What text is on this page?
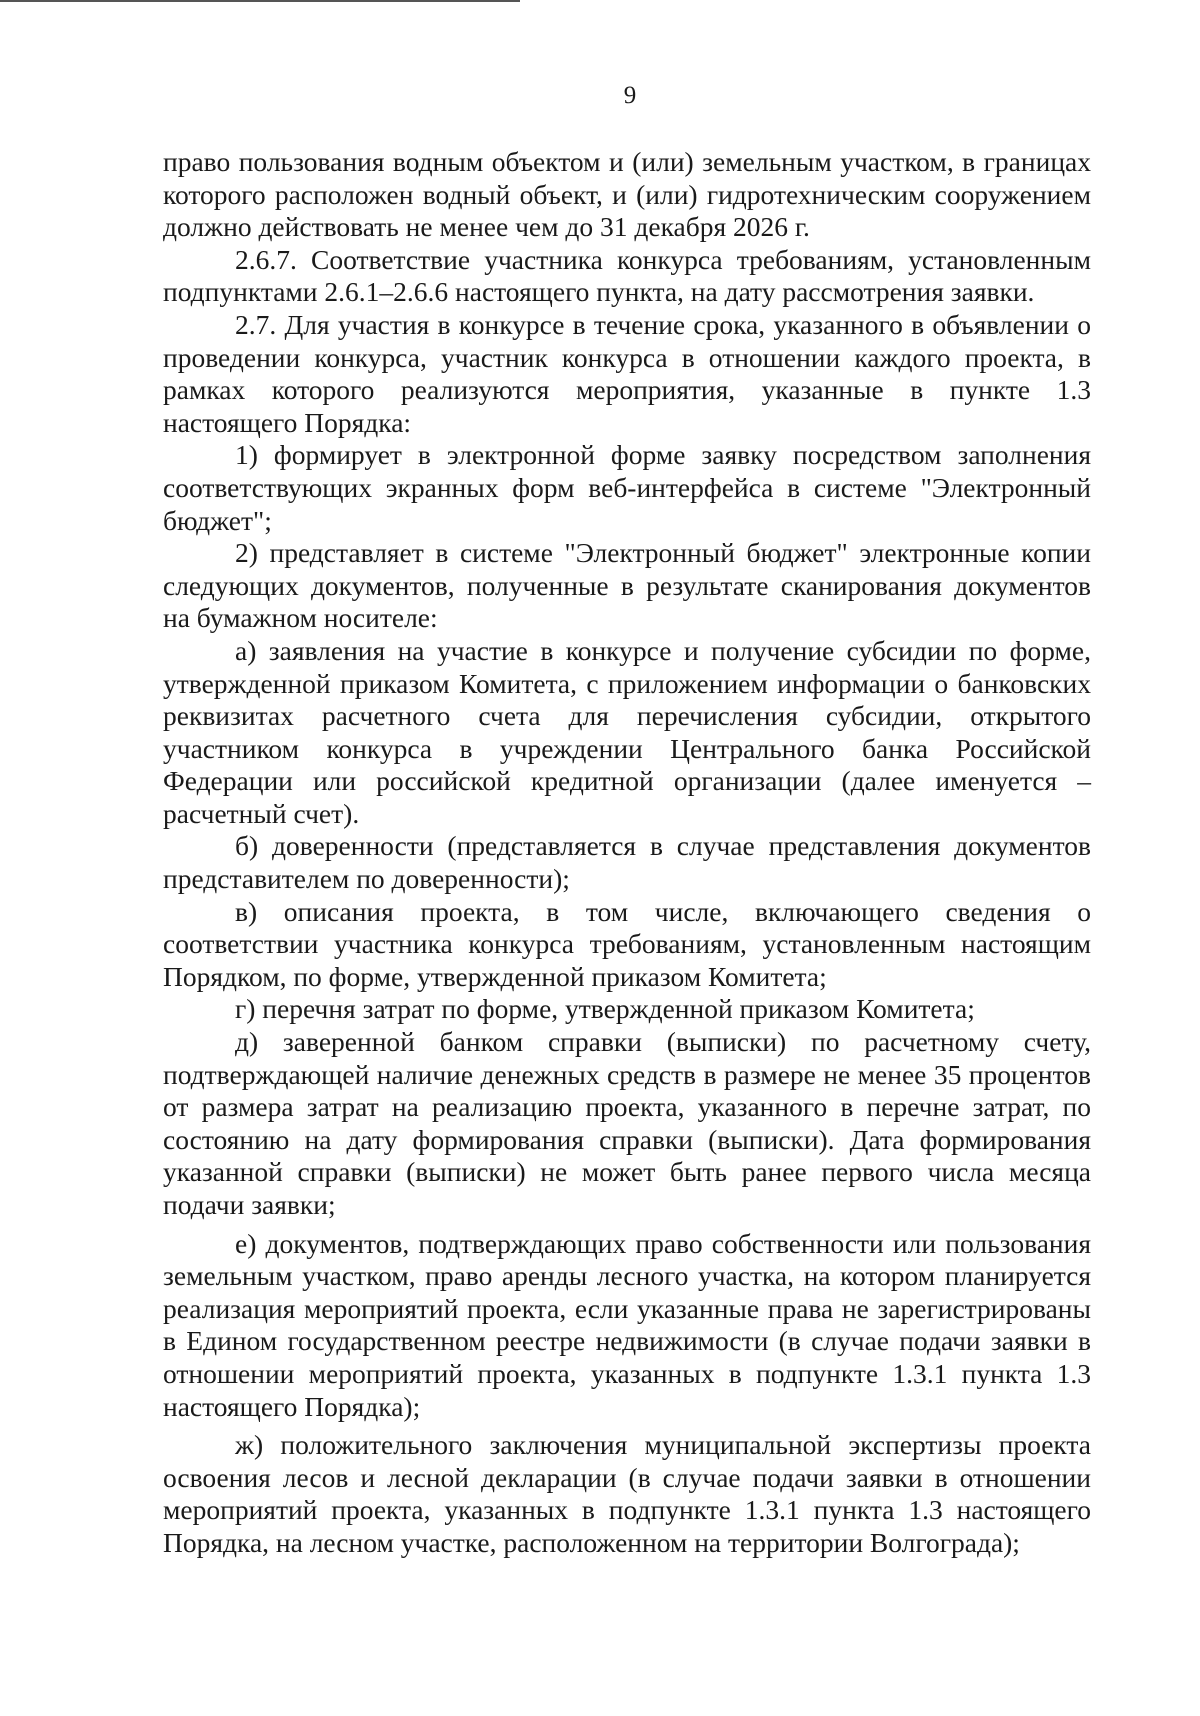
9

право пользования водным объектом и (или) земельным участком, в границах которого расположен водный объект, и (или) гидротехническим сооружением должно действовать не менее чем до 31 декабря 2026 г.

2.6.7. Соответствие участника конкурса требованиям, установленным подпунктами 2.6.1–2.6.6 настоящего пункта, на дату рассмотрения заявки.

2.7. Для участия в конкурсе в течение срока, указанного в объявлении о проведении конкурса, участник конкурса в отношении каждого проекта, в рамках которого реализуются мероприятия, указанные в пункте 1.3 настоящего Порядка:

1) формирует в электронной форме заявку посредством заполнения соответствующих экранных форм веб-интерфейса в системе "Электронный бюджет";

2) представляет в системе "Электронный бюджет" электронные копии следующих документов, полученные в результате сканирования документов на бумажном носителе:

а) заявления на участие в конкурсе и получение субсидии по форме, утвержденной приказом Комитета, с приложением информации о банковских реквизитах расчетного счета для перечисления субсидии, открытого участником конкурса в учреждении Центрального банка Российской Федерации или российской кредитной организации (далее именуется – расчетный счет).

б) доверенности (представляется в случае представления документов представителем по доверенности);

в) описания проекта, в том числе, включающего сведения о соответствии участника конкурса требованиям, установленным настоящим Порядком, по форме, утвержденной приказом Комитета;

г) перечня затрат по форме, утвержденной приказом Комитета;

д) заверенной банком справки (выписки) по расчетному счету, подтверждающей наличие денежных средств в размере не менее 35 процентов от размера затрат на реализацию проекта, указанного в перечне затрат, по состоянию на дату формирования справки (выписки). Дата формирования указанной справки (выписки) не может быть ранее первого числа месяца подачи заявки;

е) документов, подтверждающих право собственности или пользования земельным участком, право аренды лесного участка, на котором планируется реализация мероприятий проекта, если указанные права не зарегистрированы в Едином государственном реестре недвижимости (в случае подачи заявки в отношении мероприятий проекта, указанных в подпункте 1.3.1 пункта 1.3 настоящего Порядка);

ж) положительного заключения муниципальной экспертизы проекта освоения лесов и лесной декларации (в случае подачи заявки в отношении мероприятий проекта, указанных в подпункте 1.3.1 пункта 1.3 настоящего Порядка, на лесном участке, расположенном на территории Волгограда);
